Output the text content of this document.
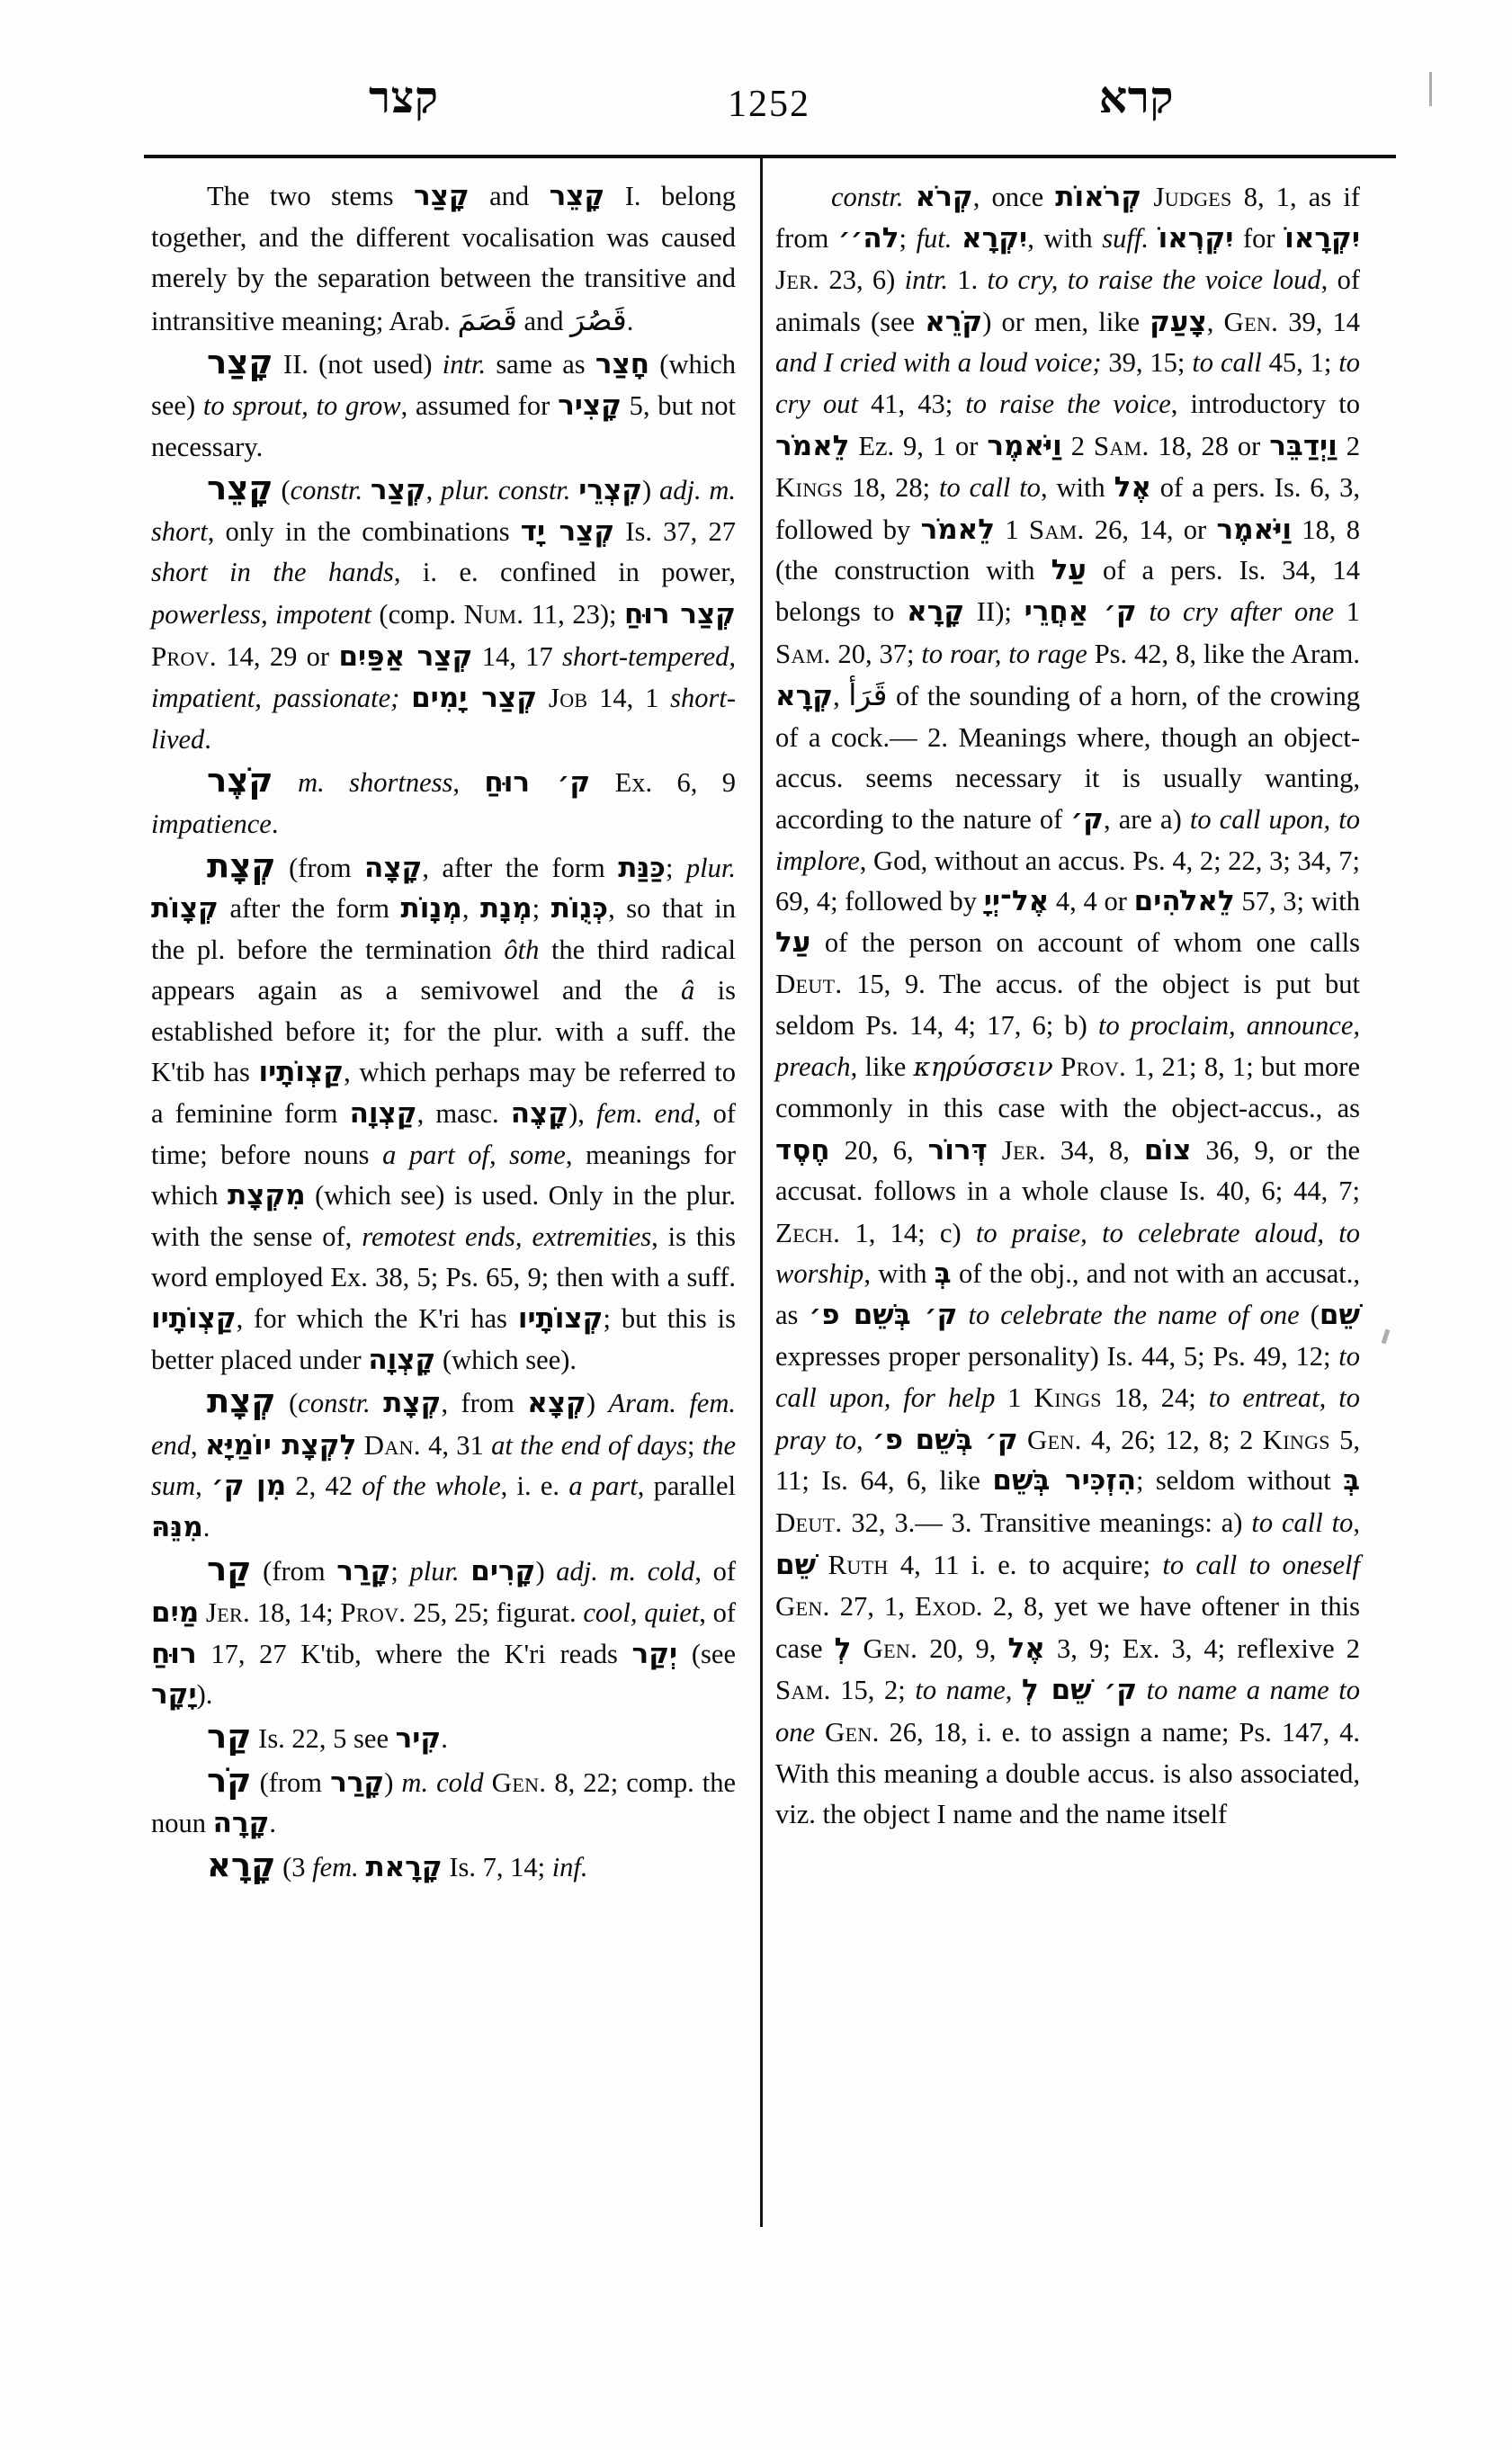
קצר	1252	קרא

The two stems קָצַר and קָצֵר I. belong together, and the different vocalisation was caused merely by the separation between the transitive and intransitive meaning; Arab. قَصَمَ and قَصُرَ.

קָצַר II. (not used) intr. same as חָצַר (which see) to sprout, to grow, assumed for קָצִיר 5, but not necessary.

קָצֵר (constr. קְצַר, plur. constr. קִצְרֵי) adj. m. short, only in the combinations קְצַר יָד Is. 37, 27 short in the hands, i. e. confined in power, powerless, impotent (comp. Num. 11, 23); קְצַר רוּחַ Prov. 14, 29 or קְצַר אַפַּיִם 14, 17 short-tempered, impatient, passionate; קְצַר יָמִים Job 14, 1 short-lived.

קֹצֶר m. shortness, ק׳ רוּחַ Ex. 6, 9 impatience.

קְצָת (from קָצָה, after the form כַּנַּת; plur. קְצָוֹת after the form מְנָוֹת, מְנָת; כְּנֻוֹת, so that in the pl. before the termination ôth the third radical appears again as a semivowel and the â is established before it; for the plur. with a suff. the K'tib has קַצְוֹתָיו, which perhaps may be referred to a feminine form קַצְוָה, masc. קָצֶה), fem. end, of time; before nouns a part of, some, meanings for which מִקְצָת (which see) is used. Only in the plur. with the sense of, remotest ends, extremities, is this word employed Ex. 38, 5; Ps. 65, 9; then with a suff. קַצְוֹתָיו, for which the K'ri has קְצוֹתָיו; but this is better placed under קָצְוָה (which see).

קְצָת (constr. קְצָת, from קְצָא) Aram. fem. end, לִקְצָת יוֹמַיָּא Dan. 4, 31 at the end of days; the sum, מִן ק׳ 2, 42 of the whole, i. e. a part, parallel מִנֵּהּ.

קַר (from קָרַר; plur. קָרִים) adj. m. cold, of מַיִם Jer. 18, 14; Prov. 25, 25; figurat. cool, quiet, of רוּחַ 17, 27 K'tib, where the K'ri reads יְקַר (see יָקָר).

קַר Is. 22, 5 see קִיר.

קֹר (from קָרַר) m. cold Gen. 8, 22; comp. the noun קָרָה.

קָרָא (3 fem. קָרָאת Is. 7, 14; inf.

constr. קְרֹא, once קְרֹאוֹת Judges 8, 1, as if from לה׳׳; fut. יִקְרָא, with suff. יִקְרְאוֹ for יִקְרָאוֹ Jer. 23, 6) intr. 1. to cry, to raise the voice loud, of animals (see קֹרֵא) or men, like צָעַק, Gen. 39, 14 and I cried with a loud voice; 39, 15; to call 45, 1; to cry out 41, 43; to raise the voice, introductory to לֵאמֹר Ez. 9, 1 or וַיֹּאמֶר 2 Sam. 18, 28 or וַיְדַבֵּר 2 Kings 18, 28; to call to, with אֶל of a pers. Is. 6, 3, followed by לֵאמֹר 1 Sam. 26, 14, or וַיֹּאמֶר 18, 8 (the construction with עַל of a pers. Is. 34, 14 belongs to קָרָא II); ק׳ אַחֲרֵי to cry after one 1 Sam. 20, 37; to roar, to rage Ps. 42, 8, like the Aram. קְרָא, قَرَأ of the sounding of a horn, of the crowing of a cock.— 2. Meanings where, though an object-accus. seems necessary it is usually wanting, according to the nature of ק׳, are a) to call upon, to implore, God, without an accus. Ps. 4, 2; 22, 3; 34, 7; 69, 4; followed by אֶל־יְיָ 4, 4 or לֵאלֹהִים 57, 3; with עַל of the person on account of whom one calls Deut. 15, 9. The accus. of the object is put but seldom Ps. 14, 4; 17, 6; b) to proclaim, announce, preach, like κηρύσσειν Prov. 1, 21; 8, 1; but more commonly in this case with the object-accus., as חֶסֶד 20, 6, דְּרוֹר Jer. 34, 8, צוֹם 36, 9, or the accusat. follows in a whole clause Is. 40, 6; 44, 7; Zech. 1, 14; c) to praise, to celebrate aloud, to worship, with בְּ of the obj., and not with an accusat., as ק׳ בְּשֵׁם פ׳ to celebrate the name of one (שֵׁם expresses proper personality) Is. 44, 5; Ps. 49, 12; to call upon, for help 1 Kings 18, 24; to entreat, to pray to, ק׳ בְּשֵׁם פ׳ Gen. 4, 26; 12, 8; 2 Kings 5, 11; Is. 64, 6, like הִזְכִּיר בְּשֵׁם; seldom without בְּ Deut. 32, 3.— 3. Transitive meanings: a) to call to, שֵׁם Ruth 4, 11 i. e. to acquire; to call to oneself Gen. 27, 1, Exod. 2, 8, yet we have oftener in this case לְ Gen. 20, 9, אֶל 3, 9; Ex. 3, 4; reflexive 2 Sam. 15, 2; to name, ק׳ שֵׁם לְ to name a name to one Gen. 26, 18, i. e. to assign a name; Ps. 147, 4. With this meaning a double accus. is also associated, viz. the object I name and the name itself
